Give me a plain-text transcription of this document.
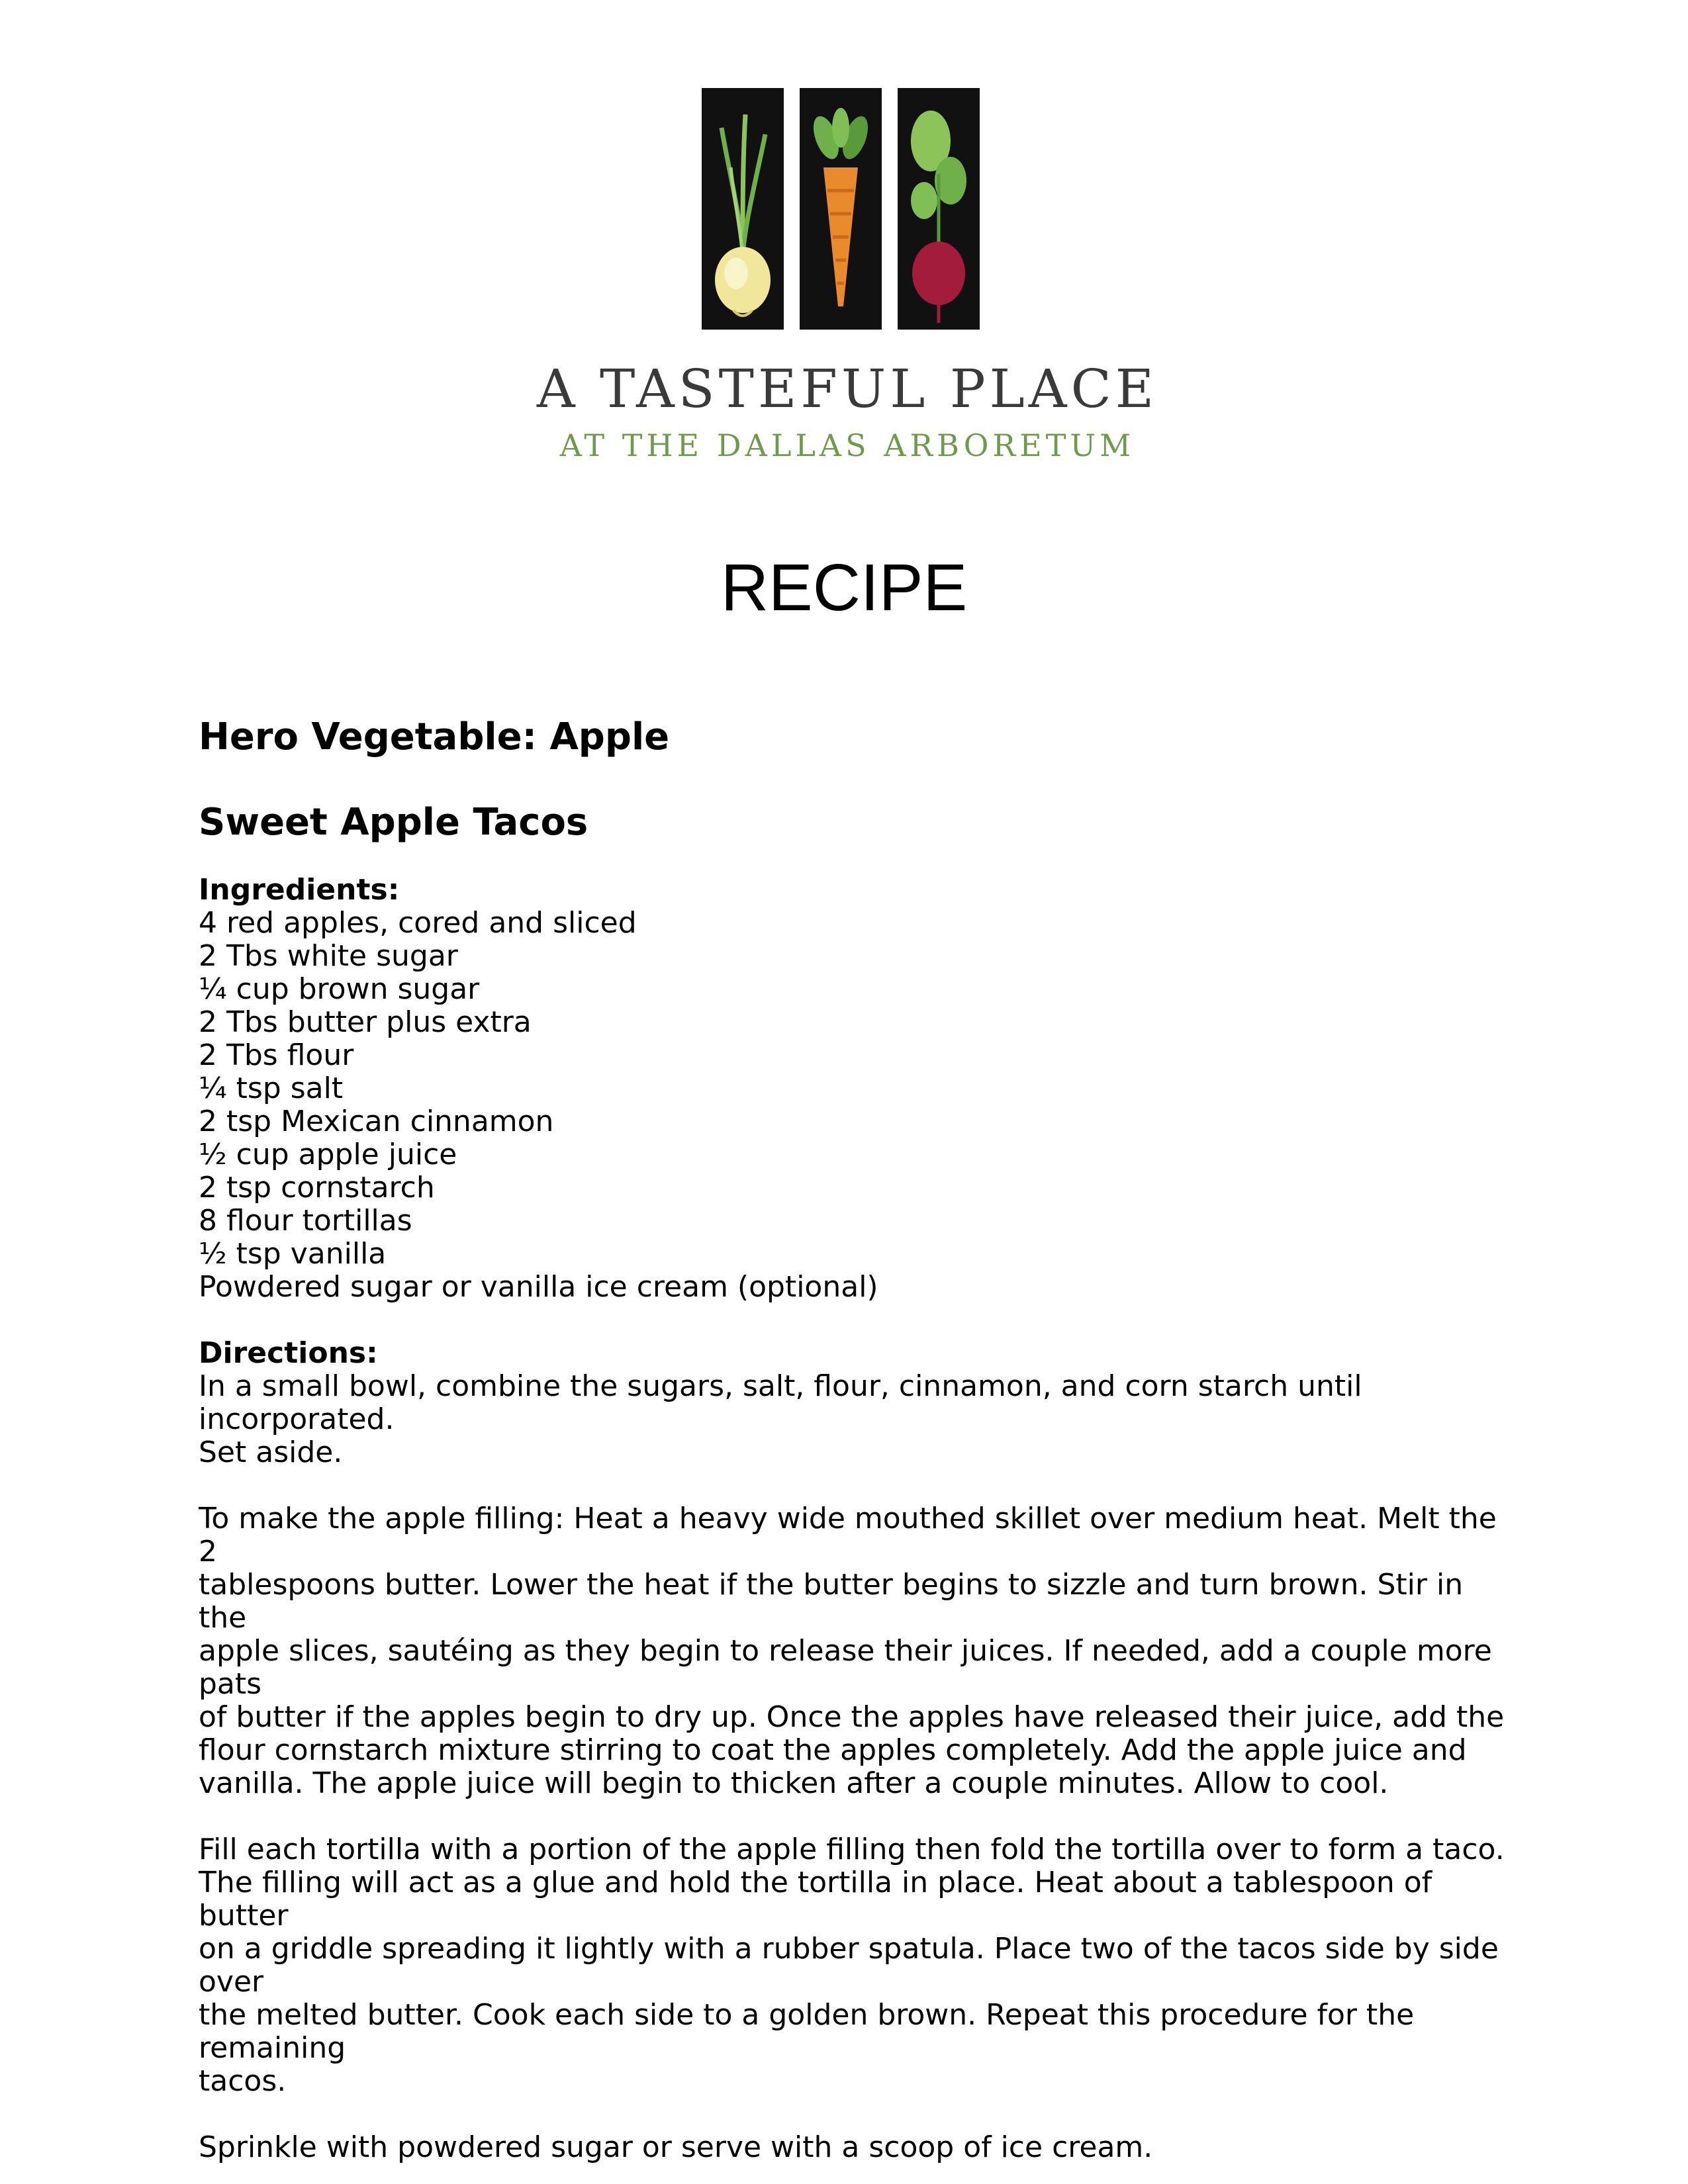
A TASTEFUL PLACE
AT THE DALLAS ARBORETUM
RECIPE
Hero Vegetable: Apple
Sweet Apple Tacos
Ingredients:
4 red apples, cored and sliced
2 Tbs white sugar
¼ cup brown sugar
2 Tbs butter plus extra
2 Tbs flour
¼ tsp salt
2 tsp Mexican cinnamon
½ cup apple juice
2 tsp cornstarch
8 flour tortillas
½ tsp vanilla
Powdered sugar or vanilla ice cream (optional)
Directions:
In a small bowl, combine the sugars, salt, flour, cinnamon, and corn starch until incorporated.
Set aside.
To make the apple filling: Heat a heavy wide mouthed skillet over medium heat. Melt the 2
tablespoons butter. Lower the heat if the butter begins to sizzle and turn brown. Stir in the
apple slices, sautéing as they begin to release their juices. If needed, add a couple more pats
of butter if the apples begin to dry up. Once the apples have released their juice, add the
flour cornstarch mixture stirring to coat the apples completely. Add the apple juice and
vanilla. The apple juice will begin to thicken after a couple minutes. Allow to cool.
Fill each tortilla with a portion of the apple filling then fold the tortilla over to form a taco.
The filling will act as a glue and hold the tortilla in place. Heat about a tablespoon of butter
on a griddle spreading it lightly with a rubber spatula. Place two of the tacos side by side over
the melted butter. Cook each side to a golden brown. Repeat this procedure for the remaining
tacos.
Sprinkle with powdered sugar or serve with a scoop of ice cream.
